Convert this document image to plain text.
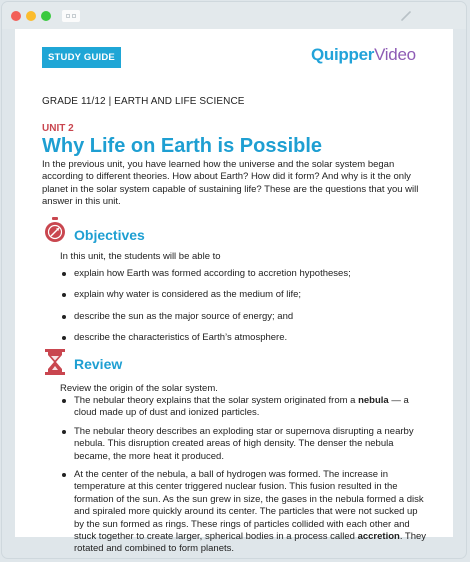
STUDY GUIDE	QuipperVideo
GRADE 11/12 | EARTH AND LIFE SCIENCE
UNIT 2
Why Life on Earth is Possible
In the previous unit, you have learned how the universe and the solar system began according to different theories. How about Earth? How did it form? And why is it the only planet in the solar system capable of sustaining life? These are the questions that you will answer in this unit.
Objectives
In this unit, the students will be able to
explain how Earth was formed according to accretion hypotheses;
explain why water is considered as the medium of life;
describe the sun as the major source of energy; and
describe the characteristics of Earth’s atmosphere.
Review
Review the origin of the solar system.
The nebular theory explains that the solar system originated from a nebula — a cloud made up of dust and ionized particles.
The nebular theory describes an exploding star or supernova disrupting a nearby nebula. This disruption created areas of high density. The denser the nebula became, the more heat it produced.
At the center of the nebula, a ball of hydrogen was formed. The increase in temperature at this center triggered nuclear fusion. This fusion resulted in the formation of the sun. As the sun grew in size, the gases in the nebula formed a disk and spiraled more quickly around its center. The particles that were not sucked up by the sun formed as rings. These rings of particles collided with each other and stuck together to create larger, spherical bodies in a process called accretion. They rotated and combined to form planets.
